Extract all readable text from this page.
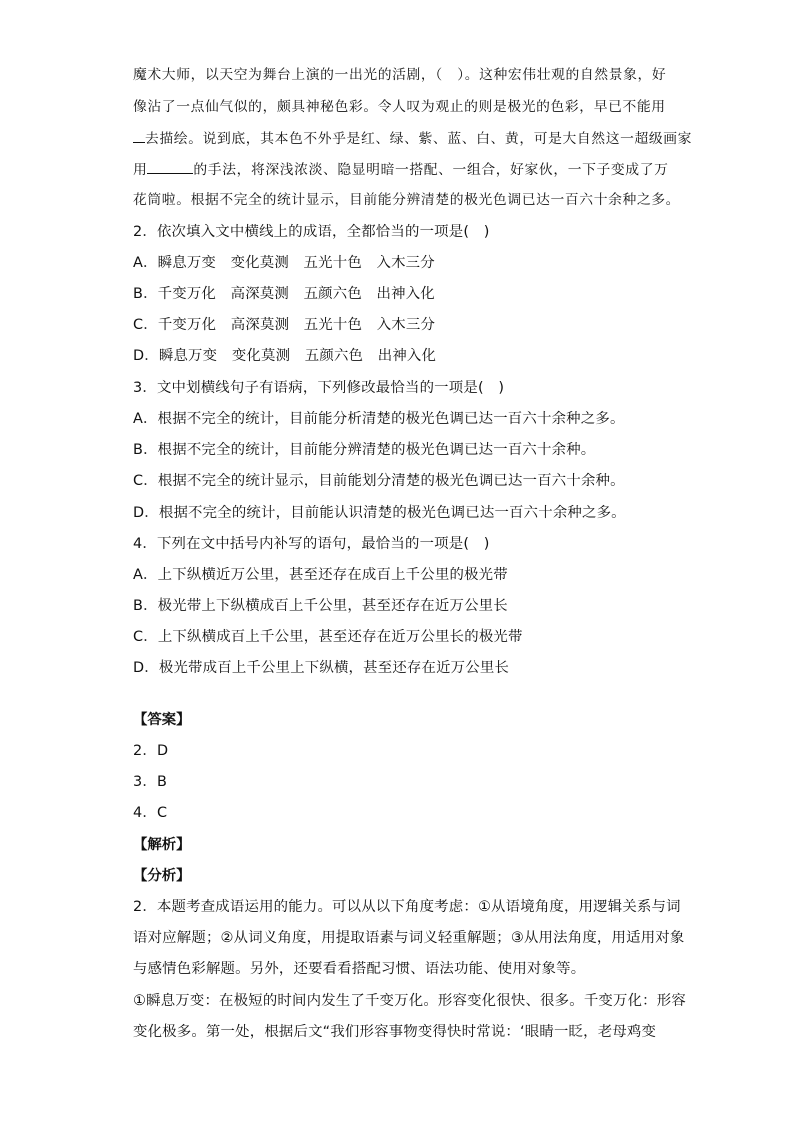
魔术大师，以天空为舞台上演的一出光的活剧，（　）。这种宏伟壮观的自然景象，好
像沾了一点仙气似的，颇具神秘色彩。令人叹为观止的则是极光的色彩，早已不能用
去描绘。说到底，其本色不外乎是红、绿、紫、蓝、白、黄，可是大自然这一超级画家
用	的手法，将深浅浓淡、隐显明暗一搭配、一组合，好家伙，一下子变成了万
花筒啦。根据不完全的统计显示，目前能分辨清楚的极光色调已达一百六十余种之多。
2．依次填入文中横线上的成语，全都恰当的一项是(　)
A．瞬息万变　变化莫测　五光十色　入木三分
B．千变万化　高深莫测　五颜六色　出神入化
C．千变万化　高深莫测　五光十色　入木三分
D．瞬息万变　变化莫测　五颜六色　出神入化
3．文中划横线句子有语病，下列修改最恰当的一项是(　)
A．根据不完全的统计，目前能分析清楚的极光色调已达一百六十余种之多。
B．根据不完全的统计，目前能分辨清楚的极光色调已达一百六十余种。
C．根据不完全的统计显示，目前能划分清楚的极光色调已达一百六十余种。
D．根据不完全的统计，目前能认识清楚的极光色调已达一百六十余种之多。
4．下列在文中括号内补写的语句，最恰当的一项是(　)
A．上下纵横近万公里，甚至还存在成百上千公里的极光带
B．极光带上下纵横成百上千公里，甚至还存在近万公里长
C．上下纵横成百上千公里，甚至还存在近万公里长的极光带
D．极光带成百上千公里上下纵横，甚至还存在近万公里长
【答案】
2．D
3．B
4．C
【解析】
【分析】
2．本题考查成语运用的能力。可以从以下角度考虑：①从语境角度，用逻辑关系与词
语对应解题；②从词义角度，用提取语素与词义轻重解题；③从用法角度，用适用对象
与感情色彩解题。另外，还要看看搭配习惯、语法功能、使用对象等。
①瞬息万变：在极短的时间内发生了千变万化。形容变化很快、很多。千变万化：形容
变化极多。第一处，根据后文“我们形容事物变得快时常说：‘眼睛一眨，老母鸡变
